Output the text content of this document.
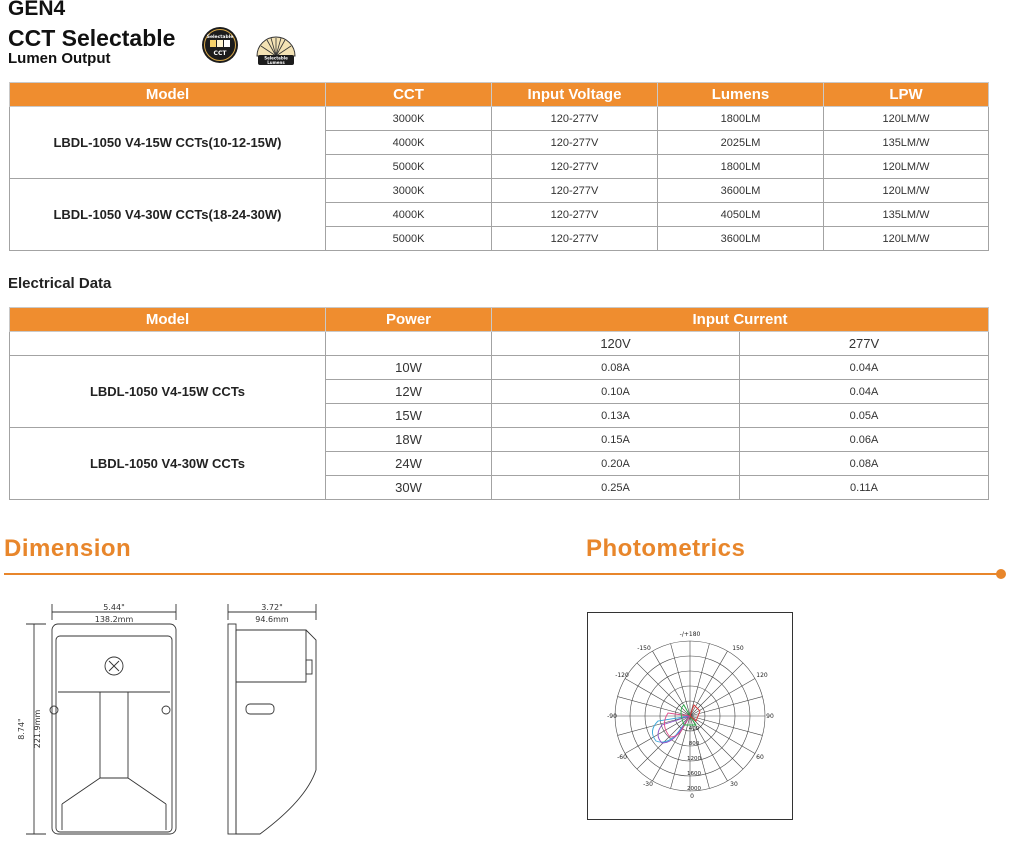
GEN4
CCT Selectable
Lumen Output
Selectable
CCT
Selectable
Lumens
Model	CCT	Input Voltage	Lumens	LPW
LBDL-1050 V4-15W CCTs(10-12-15W)	3000K	120-277V	1800LM	120LM/W
	4000K	120-277V	2025LM	135LM/W
	5000K	120-277V	1800LM	120LM/W
LBDL-1050 V4-30W CCTs(18-24-30W)	3000K	120-277V	3600LM	120LM/W
	4000K	120-277V	4050LM	135LM/W
	5000K	120-277V	3600LM	120LM/W
Electrical Data
Model	Power	Input Current	
		120V	277V
LBDL-1050 V4-15W CCTs	10W	0.08A	0.04A
	12W	0.10A	0.04A
	15W	0.13A	0.05A
LBDL-1050 V4-30W CCTs	18W	0.15A	0.06A
	24W	0.20A	0.08A
	30W	0.25A	0.11A
Dimension	Photometrics
5.44"
138.2mm
3.72"
94.6mm
8.74" 221.9mm
-/+180
150
-150
120
-120
90
-90
60
-60
30
-30
0
400
800
1200
1600
2000
